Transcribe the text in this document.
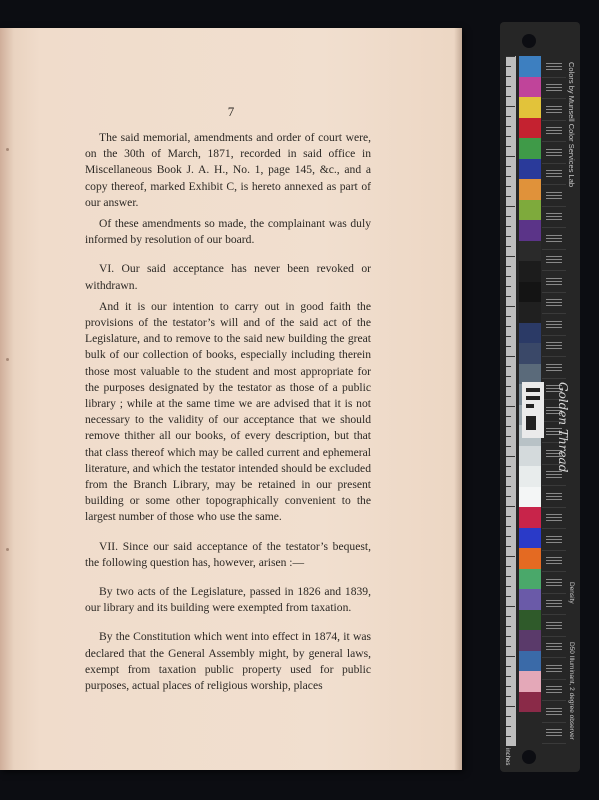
7

The said memorial, amendments and order of court were, on the 30th of March, 1871, recorded in said office in Miscellaneous Book J. A. H., No. 1, page 145, &c., and a copy thereof, marked Exhibit C, is hereto annexed as part of our answer.

Of these amendments so made, the complainant was duly informed by resolution of our board.

VI. Our said acceptance has never been revoked or withdrawn.

And it is our intention to carry out in good faith the provisions of the testator’s will and of the said act of the Legislature, and to remove to the said new building the great bulk of our collection of books, especially including therein those most valuable to the student and most appropriate for the purposes designated by the testator as those of a public library ; while at the same time we are advised that it is not necessary to the validity of our acceptance that we should remove thither all our books, of every description, but that that class thereof which may be called current and ephemeral literature, and which the testator intended should be excluded from the Branch Library, may be retained in our present building or some other topographically convenient to the largest number of those who use the same.

VII. Since our said acceptance of the testator’s bequest, the following question has, however, arisen :—

By two acts of the Legislature, passed in 1826 and 1839, our library and its building were exempted from taxation.

By the Constitution which went into effect in 1874, it was declared that the General Assembly might, by general laws, exempt from taxation public property used for public purposes, actual places of religious worship, places

Colors by Munsell Color Services Lab
Golden Thread
Density
D50 Illuminant, 2 degree observer
inches
